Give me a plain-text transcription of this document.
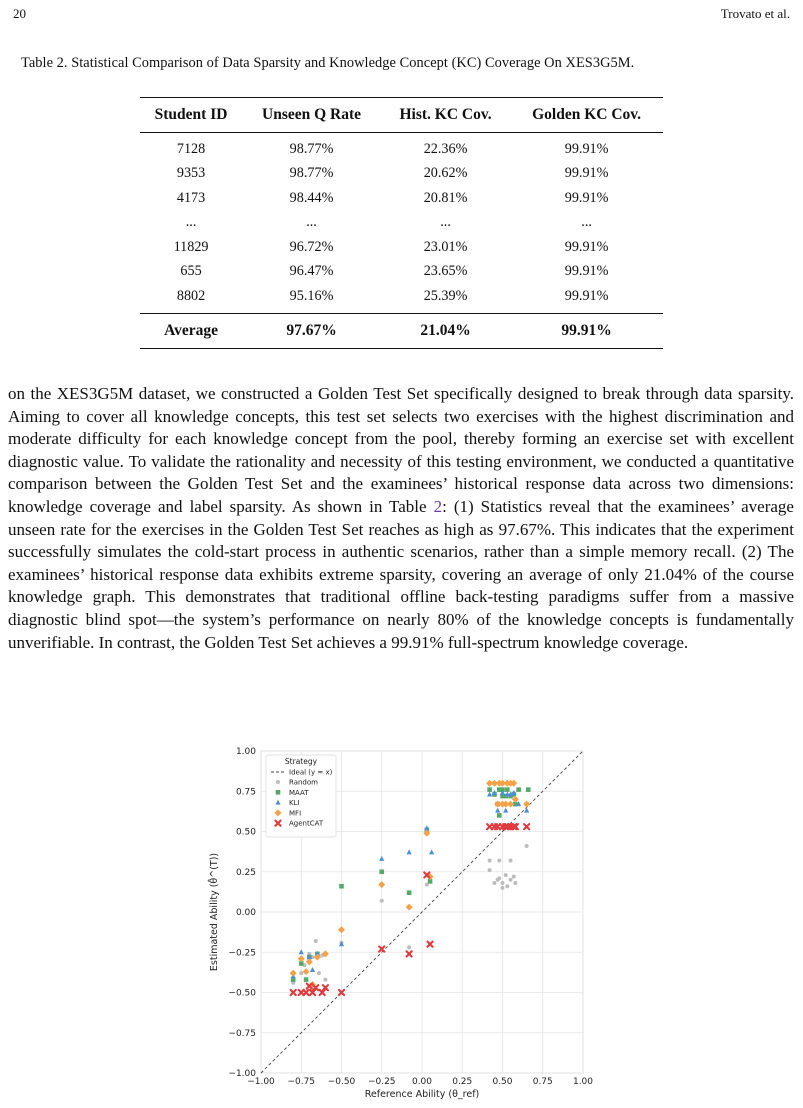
20	Trovato et al.
Table 2. Statistical Comparison of Data Sparsity and Knowledge Concept (KC) Coverage On XES3G5M.
Student ID	Unseen Q Rate	Hist. KC Cov.	Golden KC Cov.
7128	98.77%	22.36%	99.91%
9353	98.77%	20.62%	99.91%
4173	98.44%	20.81%	99.91%
...	...	...	...
11829	96.72%	23.01%	99.91%
655	96.47%	23.65%	99.91%
8802	95.16%	25.39%	99.91%
Average	97.67%	21.04%	99.91%
on the XES3G5M dataset, we constructed a Golden Test Set specifically designed to break through data sparsity. Aiming to cover all knowledge concepts, this test set selects two exercises with the highest discrimination and moderate difficulty for each knowledge concept from the pool, thereby forming an exercise set with excellent diagnostic value. To validate the rationality and necessity of this testing environment, we conducted a quantitative comparison between the Golden Test Set and the examinees’ historical response data across two dimensions: knowledge coverage and label sparsity. As shown in Table 2: (1) Statistics reveal that the examinees’ average unseen rate for the exercises in the Golden Test Set reaches as high as 97.67%. This indicates that the experiment successfully simulates the cold-start process in authentic scenarios, rather than a simple memory recall. (2) The examinees’ historical response data exhibits extreme sparsity, covering an average of only 21.04% of the course knowledge graph. This demonstrates that traditional offline back-testing paradigms suffer from a massive diagnostic blind spot—the system’s performance on nearly 80% of the knowledge concepts is fundamentally unverifiable. In contrast, the Golden Test Set achieves a 99.91% full-spectrum knowledge coverage.
−1.00
−1.00
−0.75
−0.75
−0.50
−0.50
−0.25
−0.25
0.00
0.00
0.25
0.25
0.50
0.50
0.75
0.75
1.00
1.00
Reference Ability (θ_ref)
Estimated Ability (θ̂^(T))
Strategy
Ideal (y = x)
Random
MAAT
KLI
MFI
AgentCAT
